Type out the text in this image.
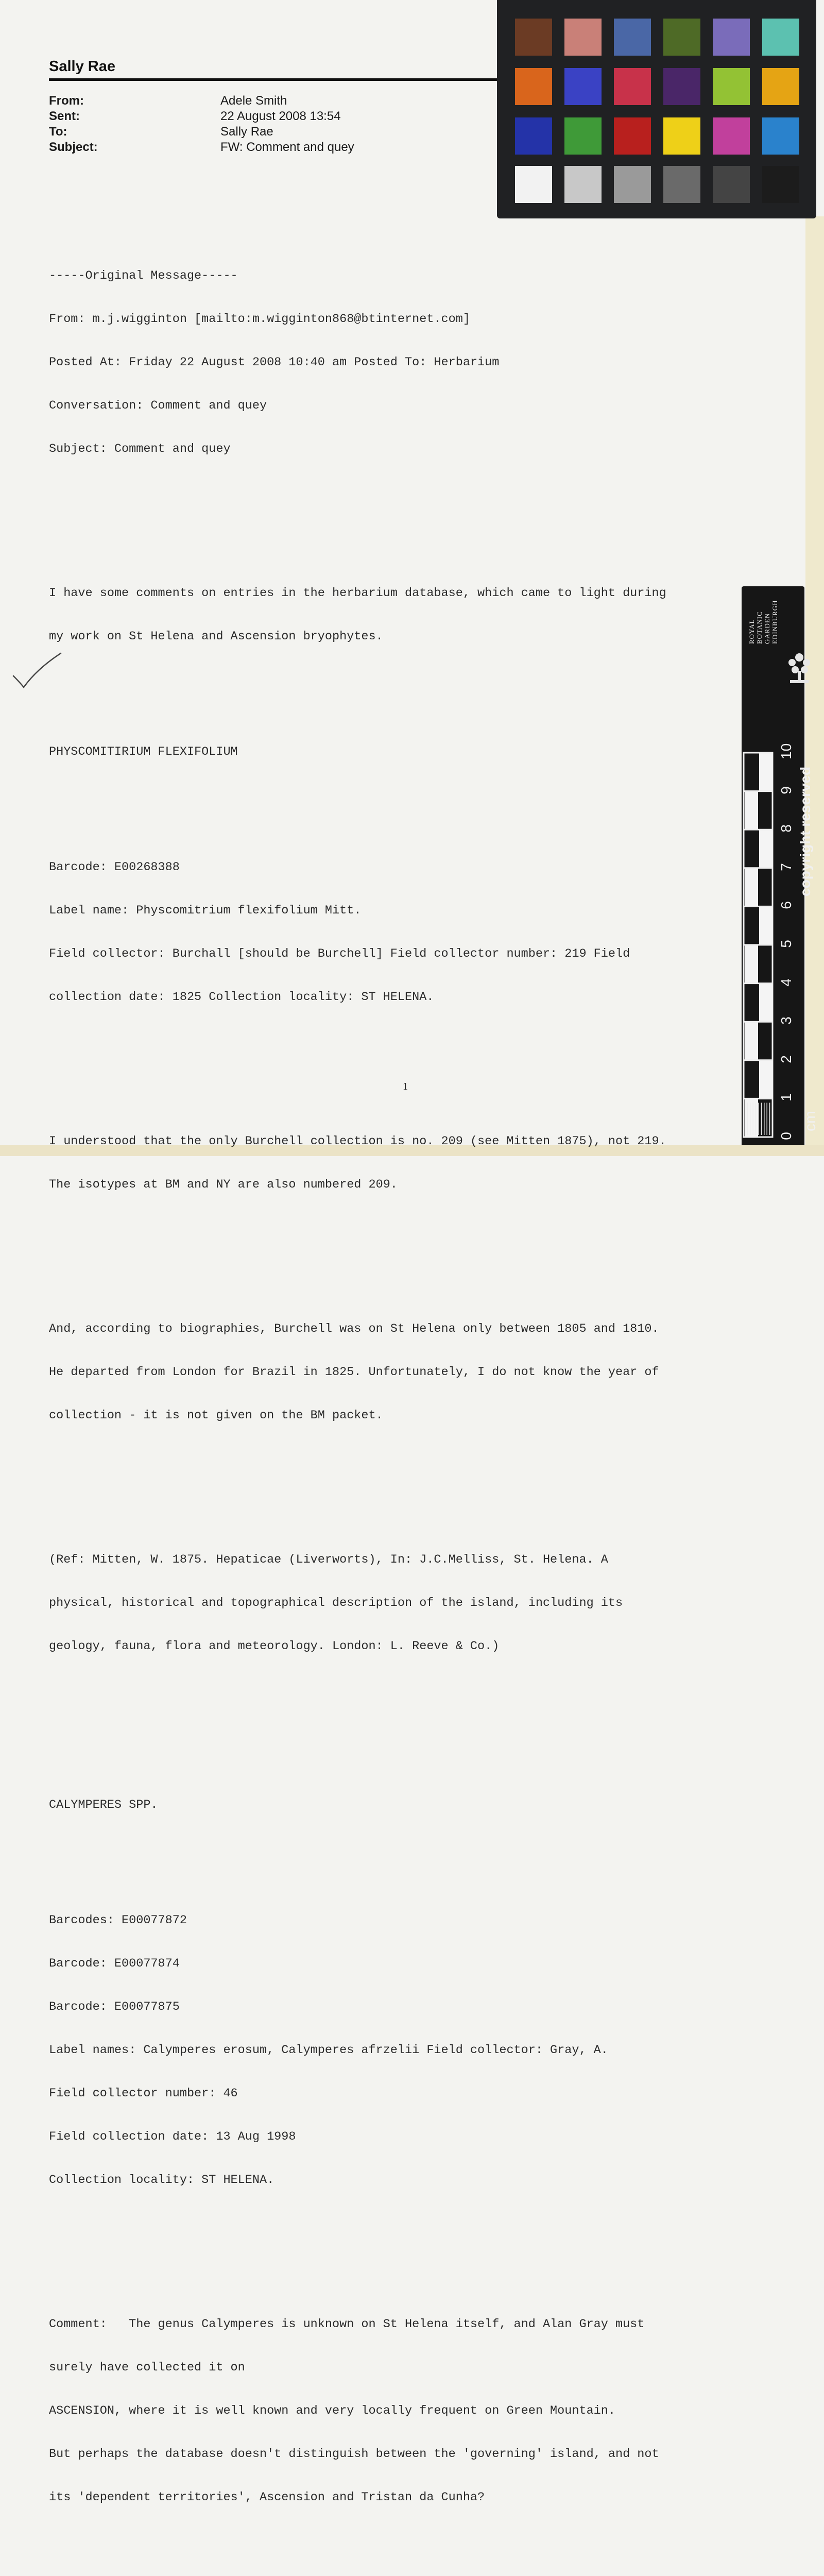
Sally Rae
From:	Adele Smith
Sent:	22 August 2008 13:54
To:	Sally Rae
Subject:	FW: Comment and quey

-----Original Message-----

From: m.j.wigginton [mailto:m.wigginton868@btinternet.com]

Posted At: Friday 22 August 2008 10:40 am Posted To: Herbarium

Conversation: Comment and quey

Subject: Comment and quey

I have some comments on entries in the herbarium database, which came to light during

my work on St Helena and Ascension bryophytes.

PHYSCOMITIRIUM FLEXIFOLIUM

Barcode: E00268388

Label name: Physcomitrium flexifolium Mitt.

Field collector: Burchall [should be Burchell] Field collector number: 219 Field

collection date: 1825 Collection locality: ST HELENA.

I understood that the only Burchell collection is no. 209 (see Mitten 1875), not 219.

The isotypes at BM and NY are also numbered 209.

And, according to biographies, Burchell was on St Helena only between 1805 and 1810.

He departed from London for Brazil in 1825. Unfortunately, I do not know the year of

collection - it is not given on the BM packet.

(Ref: Mitten, W. 1875. Hepaticae (Liverworts), In: J.C.Melliss, St. Helena. A

physical, historical and topographical description of the island, including its

geology, fauna, flora and meteorology. London: L. Reeve & Co.)

CALYMPERES SPP.

Barcodes: E00077872

Barcode: E00077874

Barcode: E00077875

Label names: Calymperes erosum, Calymperes afrzelii Field collector: Gray, A.

Field collector number: 46

Field collection date: 13 Aug 1998

Collection locality: ST HELENA.

Comment:   The genus Calymperes is unknown on St Helena itself, and Alan Gray must

surely have collected it on

ASCENSION, where it is well known and very locally frequent on Green Mountain.

But perhaps the database doesn't distinguish between the 'governing' island, and not

its 'dependent territories', Ascension and Tristan da Cunha?

1
ROYAL BOTANIC GARDEN EDINBURGH
copyright reserved
10
9
8
7
6
5
4
3
2
1
0
cm
